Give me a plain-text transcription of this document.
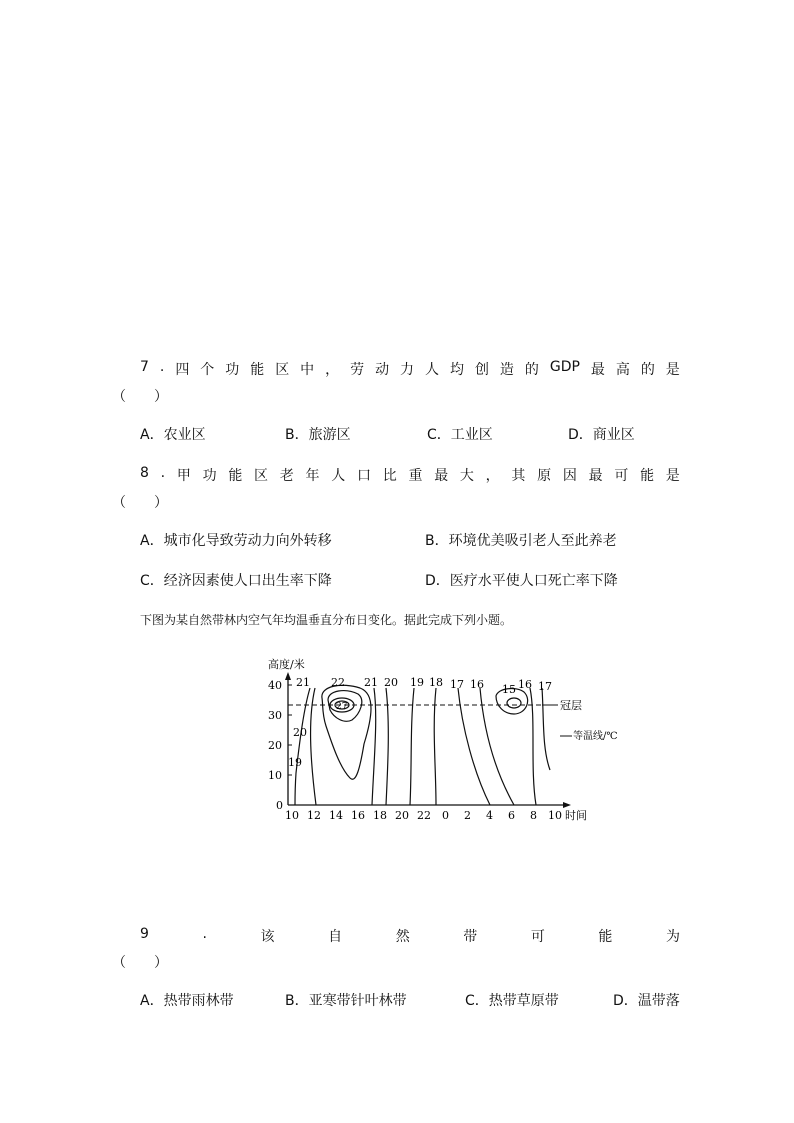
7 . 四 个 功 能 区 中 ， 劳 动 力 人 均 创 造 的 GDP 最 高 的 是
（　　）
A．农业区	B．旅游区	C．工业区	D．商业区
8 . 甲 功 能 区 老 年 人 口 比 重 最 大 ， 其 原 因 最 可 能 是
（　　）
A．城市化导致劳动力向外转移	B．环境优美吸引老人至此养老
C．经济因素使人口出生率下降	D．医疗水平使人口死亡率下降
下图为某自然带林内空气年均温垂直分布日变化。据此完成下列小题。
高度/米
时间
40
30
20
10
0
10 12 14 16 18 20 22 0 2 4 6 8 10
冠层
等温线/℃
21 22 21 20 19 18 17 16 15 16 17
20
19
27
9	.	该	自	然	带	可	能	为
（　　）
A．热带雨林带	B．亚寒带针叶林带	C．热带草原带	D．温带落
